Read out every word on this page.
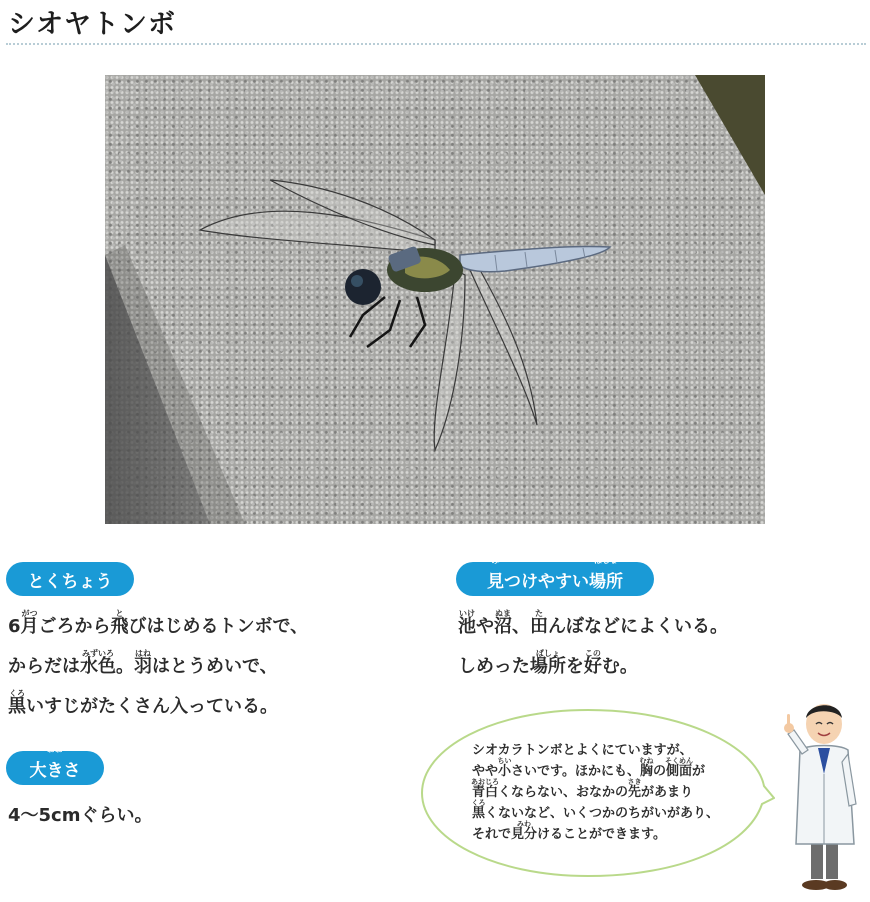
シオヤトンボ
とくちょう
6
がつ
月ごろから
と
飛びはじめるトンボで、
からだは
みずいろ
水色。
はね
羽はとうめいで、
くろ
黒いすじがたくさん入っている。
おお
大きさ
4〜5cmぐらい。
み
見つけやすい
ばしょ
場所
いけ
池や
ぬま
沼、
た
田んぼなどによくいる。
しめった
ばしょ
場所を
この
好む。
シオカラトンボとよくにていますが、
やや
ちい
小さいです。ほかにも、
むね
胸の
そくめん
側面が
あおじろ
青白くならない、おなかの
さき
先があまり
くろ
黒くないなど、いくつかのちがいがあり、
それで
みわ
見分けることができます。
